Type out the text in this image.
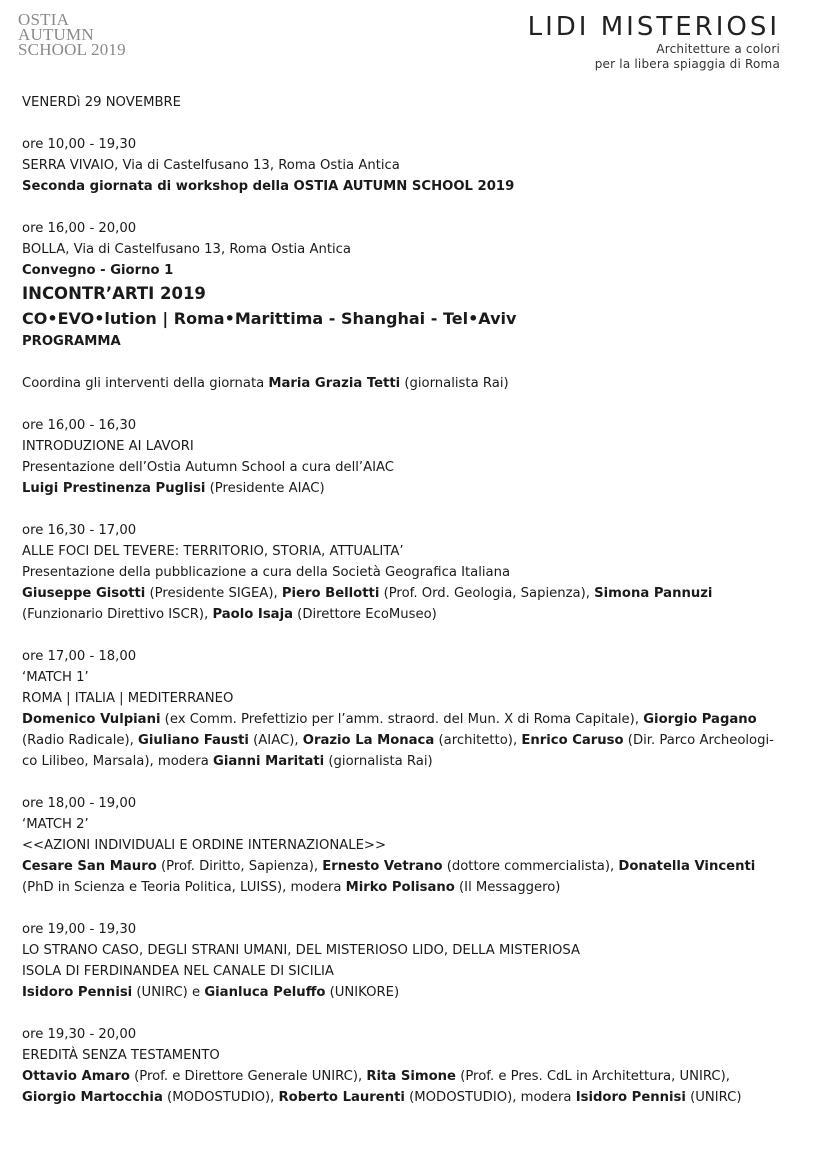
OSTIA
AUTUMN
SCHOOL 2019
LIDI MISTERIOSI
Architetture a colori
per la libera spiaggia di Roma

VENERDì 29 NOVEMBRE

ore 10,00 - 19,30

SERRA VIVAIO, Via di Castelfusano 13, Roma Ostia Antica

Seconda giornata di workshop della OSTIA AUTUMN SCHOOL 2019

ore 16,00 - 20,00

BOLLA, Via di Castelfusano 13, Roma Ostia Antica

Convegno - Giorno 1

INCONTR’ARTI 2019

CO•EVO•lution | Roma•Marittima - Shanghai - Tel•Aviv

PROGRAMMA

Coordina gli interventi della giornata Maria Grazia Tetti (giornalista Rai)

ore 16,00 - 16,30

INTRODUZIONE AI LAVORI

Presentazione dell’Ostia Autumn School a cura dell’AIAC

Luigi Prestinenza Puglisi (Presidente AIAC)

ore 16,30 - 17,00

ALLE FOCI DEL TEVERE: TERRITORIO, STORIA, ATTUALITA’

Presentazione della pubblicazione a cura della Società Geografica Italiana

Giuseppe Gisotti (Presidente SIGEA), Piero Bellotti (Prof. Ord. Geologia, Sapienza), Simona Pannuzi

(Funzionario Direttivo ISCR), Paolo Isaja (Direttore EcoMuseo)

ore 17,00 - 18,00

‘MATCH 1’

ROMA | ITALIA | MEDITERRANEO

Domenico Vulpiani (ex Comm. Prefettizio per l’amm. straord. del Mun. X di Roma Capitale), Giorgio Pagano

(Radio Radicale), Giuliano Fausti (AIAC), Orazio La Monaca (architetto), Enrico Caruso (Dir. Parco Archeologi-

co Lilibeo, Marsala), modera Gianni Maritati (giornalista Rai)

ore 18,00 - 19,00

‘MATCH 2’

<<AZIONI INDIVIDUALI E ORDINE INTERNAZIONALE>>

Cesare San Mauro (Prof. Diritto, Sapienza), Ernesto Vetrano (dottore commercialista), Donatella Vincenti

(PhD in Scienza e Teoria Politica, LUISS), modera Mirko Polisano (Il Messaggero)

ore 19,00 - 19,30

LO STRANO CASO, DEGLI STRANI UMANI, DEL MISTERIOSO LIDO, DELLA MISTERIOSA

ISOLA DI FERDINANDEA NEL CANALE DI SICILIA

Isidoro Pennisi (UNIRC) e Gianluca Peluffo (UNIKORE)

ore 19,30 - 20,00

EREDITÀ SENZA TESTAMENTO

Ottavio Amaro (Prof. e Direttore Generale UNIRC), Rita Simone (Prof. e Pres. CdL in Architettura, UNIRC),

Giorgio Martocchia (MODOSTUDIO), Roberto Laurenti (MODOSTUDIO), modera Isidoro Pennisi (UNIRC)
